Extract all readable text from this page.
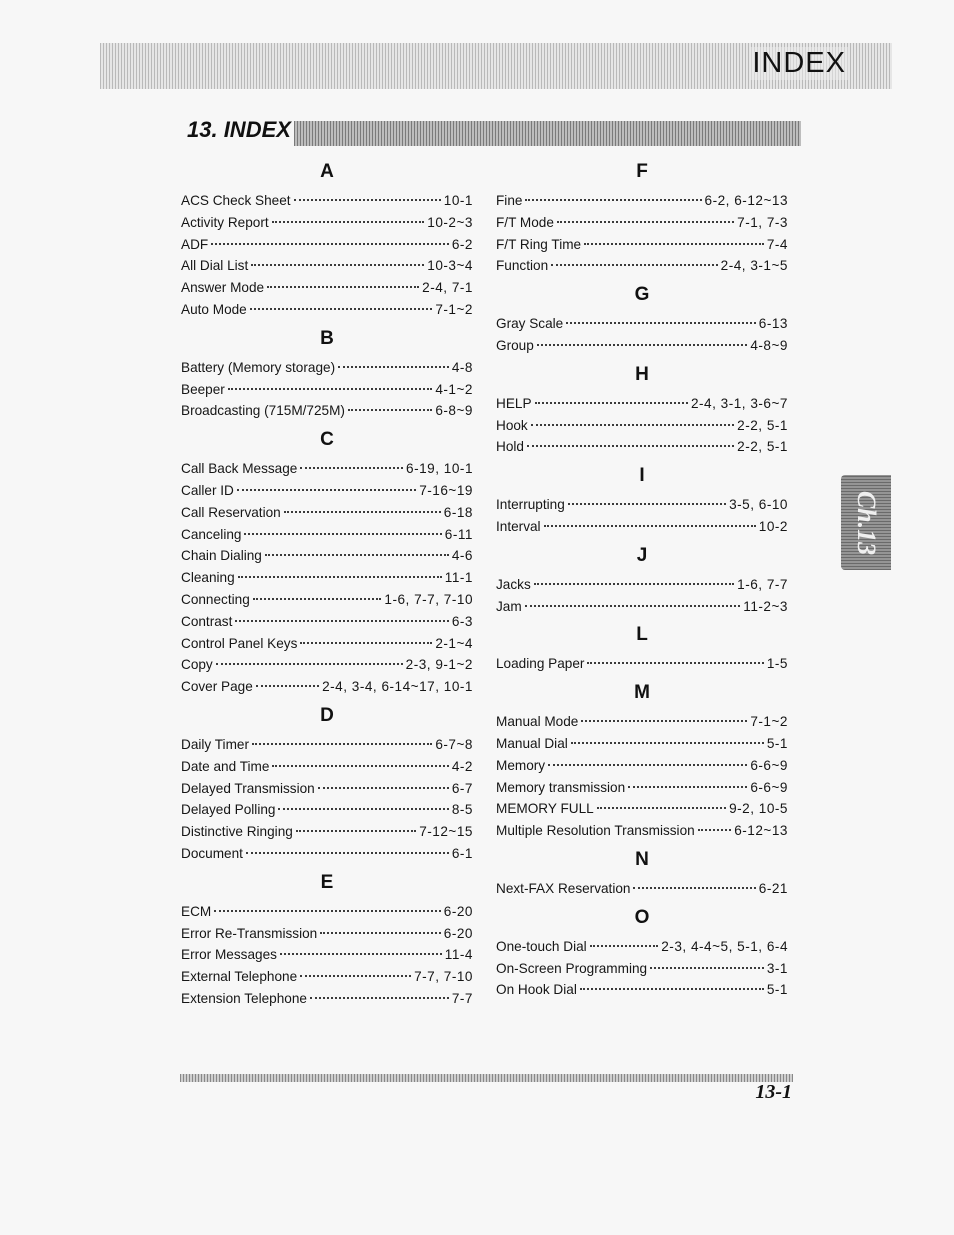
INDEX
13. INDEX
A
ACS Check Sheet	10-1
Activity Report	10-2~3
ADF	6-2
All Dial List	10-3~4
Answer Mode	2-4, 7-1
Auto Mode	7-1~2
B
Battery (Memory storage)	4-8
Beeper	4-1~2
Broadcasting (715M/725M)	6-8~9
C
Call Back Message	6-19, 10-1
Caller ID	7-16~19
Call Reservation	6-18
Canceling	6-11
Chain Dialing	4-6
Cleaning	11-1
Connecting	1-6, 7-7, 7-10
Contrast	6-3
Control Panel Keys	2-1~4
Copy	2-3, 9-1~2
Cover Page	2-4, 3-4, 6-14~17, 10-1
D
Daily Timer	6-7~8
Date and Time	4-2
Delayed Transmission	6-7
Delayed Polling	8-5
Distinctive Ringing	7-12~15
Document	6-1
E
ECM	6-20
Error Re-Transmission	6-20
Error Messages	11-4
External Telephone	7-7, 7-10
Extension Telephone	7-7
F
Fine	6-2, 6-12~13
F/T Mode	7-1, 7-3
F/T Ring Time	7-4
Function	2-4, 3-1~5
G
Gray Scale	6-13
Group	4-8~9
H
HELP	2-4, 3-1, 3-6~7
Hook	2-2, 5-1
Hold	2-2, 5-1
I
Interrupting	3-5, 6-10
Interval	10-2
J
Jacks	1-6, 7-7
Jam	11-2~3
L
Loading Paper	1-5
M
Manual Mode	7-1~2
Manual Dial	5-1
Memory	6-6~9
Memory transmission	6-6~9
MEMORY FULL	9-2, 10-5
Multiple Resolution Transmission	6-12~13
N
Next-FAX Reservation	6-21
O
One-touch Dial	2-3, 4-4~5, 5-1, 6-4
On-Screen Programming	3-1
On Hook Dial	5-1
Ch.13
13-1
